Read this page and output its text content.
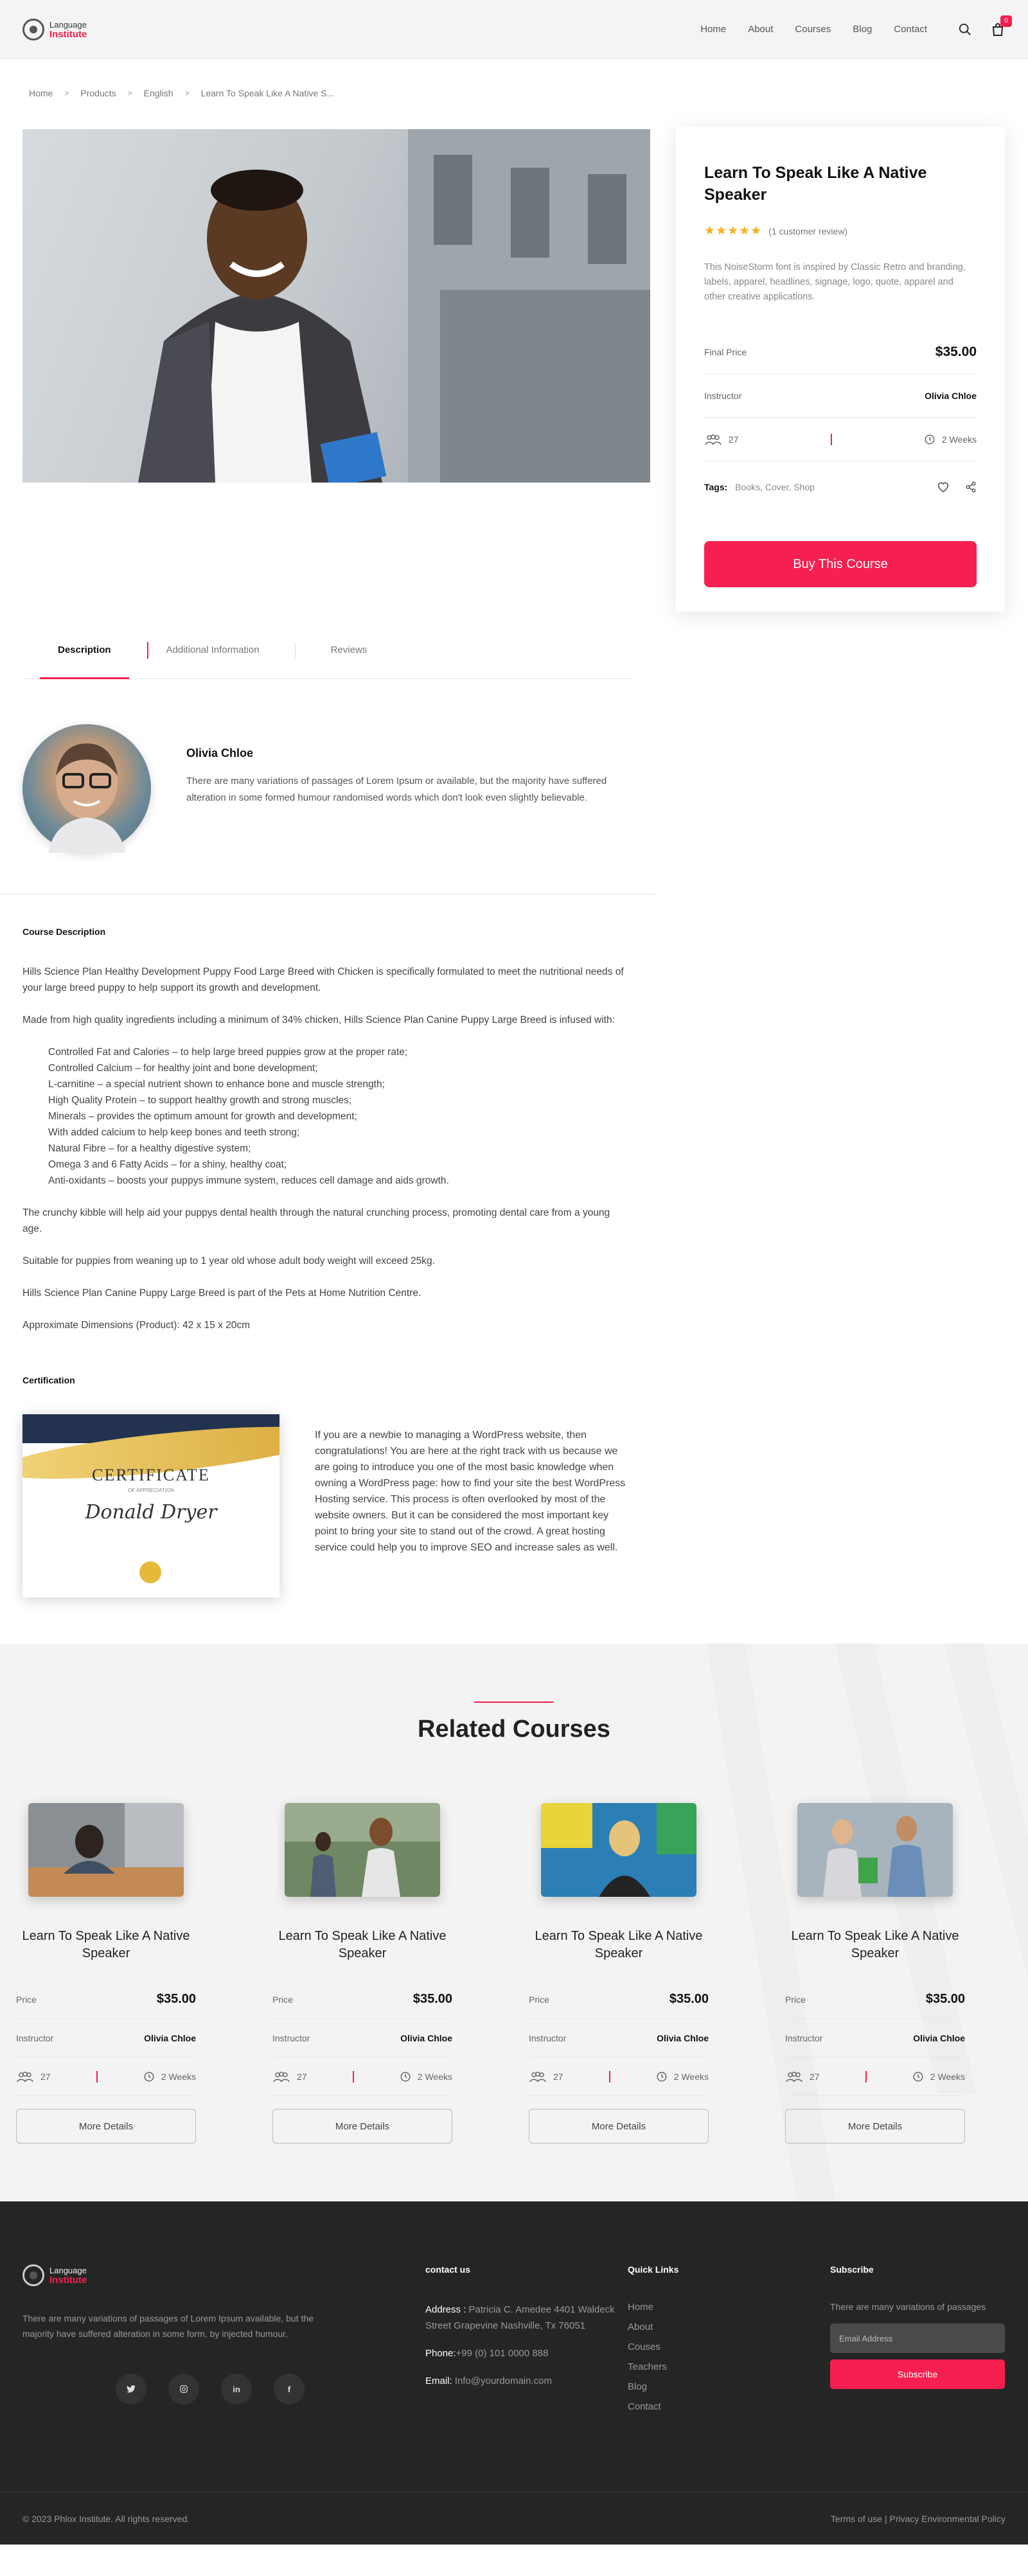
Language
Institute	Home About Courses Blog Contact
0
Home > Products > English > Learn To Speak Like A Native S...
Learn To Speak Like A Native Speaker
★★★★★ (1 customer review)

This NoiseStorm font is inspired by Classic Retro and branding, labels, apparel, headlines, signage, logo, quote, apparel and other creative applications.

Final Price	$35.00
Instructor	Olivia Chloe
27	2 Weeks
Tags: Books, Cover, Shop
Buy This Course
Description	Additional Information	Reviews
Olivia Chloe

There are many variations of passages of Lorem Ipsum or available, but the majority have suffered alteration in some formed humour randomised words which don't look even slightly believable.

Course Description

Hills Science Plan Healthy Development Puppy Food Large Breed with Chicken is specifically formulated to meet the nutritional needs of your large breed puppy to help support its growth and development.

Made from high quality ingredients including a minimum of 34% chicken, Hills Science Plan Canine Puppy Large Breed is infused with:

Controlled Fat and Calories – to help large breed puppies grow at the proper rate;
Controlled Calcium – for healthy joint and bone development;
L-carnitine – a special nutrient shown to enhance bone and muscle strength;
High Quality Protein – to support healthy growth and strong muscles;
Minerals – provides the optimum amount for growth and development;
With added calcium to help keep bones and teeth strong;
Natural Fibre – for a healthy digestive system;
Omega 3 and 6 Fatty Acids – for a shiny, healthy coat;
Anti-oxidants – boosts your puppys immune system, reduces cell damage and aids growth.

The crunchy kibble will help aid your puppys dental health through the natural crunching process, promoting dental care from a young age.

Suitable for puppies from weaning up to 1 year old whose adult body weight will exceed 25kg.

Hills Science Plan Canine Puppy Large Breed is part of the Pets at Home Nutrition Centre.

Approximate Dimensions (Product): 42 x 15 x 20cm

Certification
CERTIFICATE
OF APPRECIATION
Donald Dryer

If you are a newbie to managing a WordPress website, then congratulations! You are here at the right track with us because we are going to introduce you one of the most basic knowledge when owning a WordPress page: how to find your site the best WordPress Hosting service. This process is often overlooked by most of the website owners. But it can be considered the most important key point to bring your site to stand out of the crowd. A great hosting service could help you to improve SEO and increase sales as well.

Related Courses
Learn To Speak Like A Native Speaker
Price	$35.00
Instructor	Olivia Chloe
27	2 Weeks
More Details
Learn To Speak Like A Native Speaker
Price	$35.00
Instructor	Olivia Chloe
27	2 Weeks
More Details
Learn To Speak Like A Native Speaker
Price	$35.00
Instructor	Olivia Chloe
27	2 Weeks
More Details
Learn To Speak Like A Native Speaker
Price	$35.00
Instructor	Olivia Chloe
27	2 Weeks
More Details
Language
Institute

There are many variations of passages of Lorem Ipsum available, but the majority have suffered alteration in some form, by injected humour.

in	f
contact us
Address : Patricia C. Amedee 4401 Waldeck Street Grapevine Nashville, Tx 76051
Phone:+99 (0) 101 0000 888
Email: Info@yourdomain.com
Quick Links
Home
About
Couses
Teachers
Blog
Contact
Subscribe

There are many variations of passages

Email Address
Subscribe
© 2023 Phlox Institute. All rights reserved.	Terms of use | Privacy Environmental Policy
